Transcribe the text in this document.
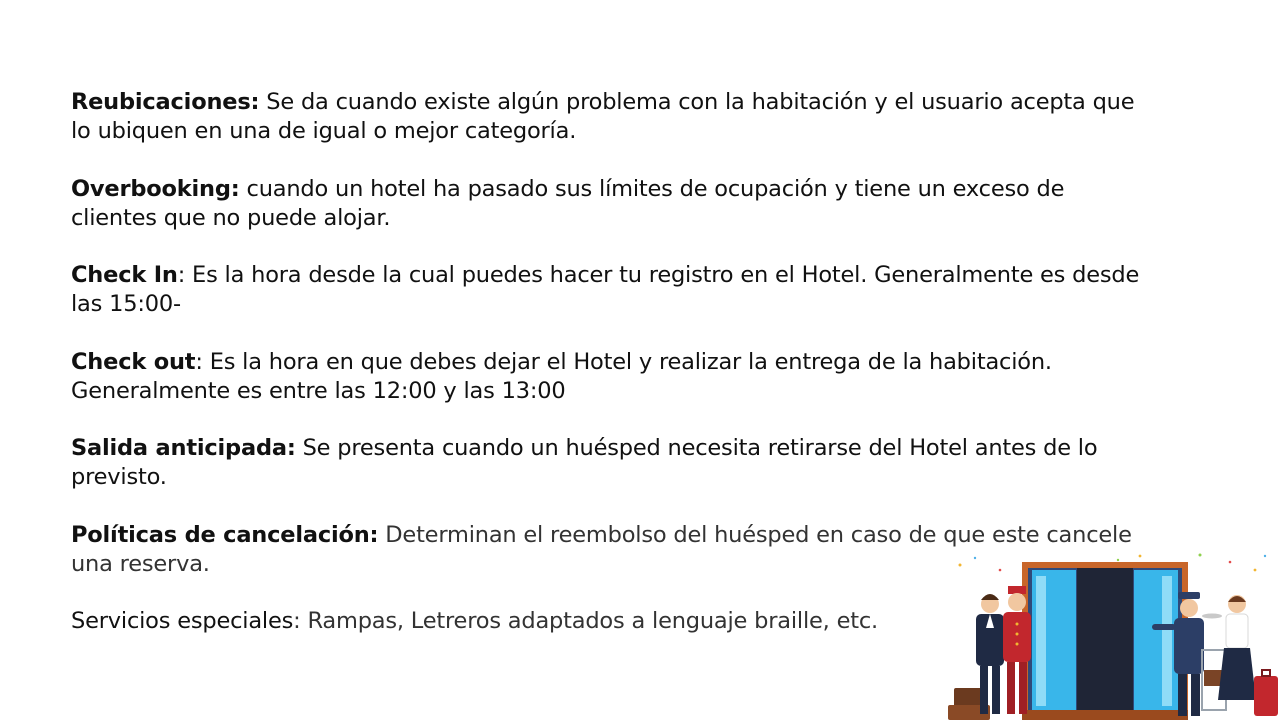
Reubicaciones: Se da cuando existe algún problema con la habitación y el usuario acepta que lo ubiquen en una de igual o mejor categoría.

Overbooking: cuando un hotel ha pasado sus límites de ocupación y tiene un exceso de clientes que no puede alojar.

Check In: Es la hora desde la cual puedes hacer tu registro en el Hotel. Generalmente es desde las 15:00-

Check out: Es la hora en que debes dejar el Hotel y realizar la entrega de la habitación. Generalmente es entre las 12:00 y las 13:00

Salida anticipada: Se presenta cuando un huésped necesita retirarse del Hotel antes de lo previsto.

Políticas de cancelación: Determinan el reembolso del huésped en caso de que este cancele una reserva.

Servicios especiales: Rampas, Letreros adaptados a lenguaje braille, etc.
